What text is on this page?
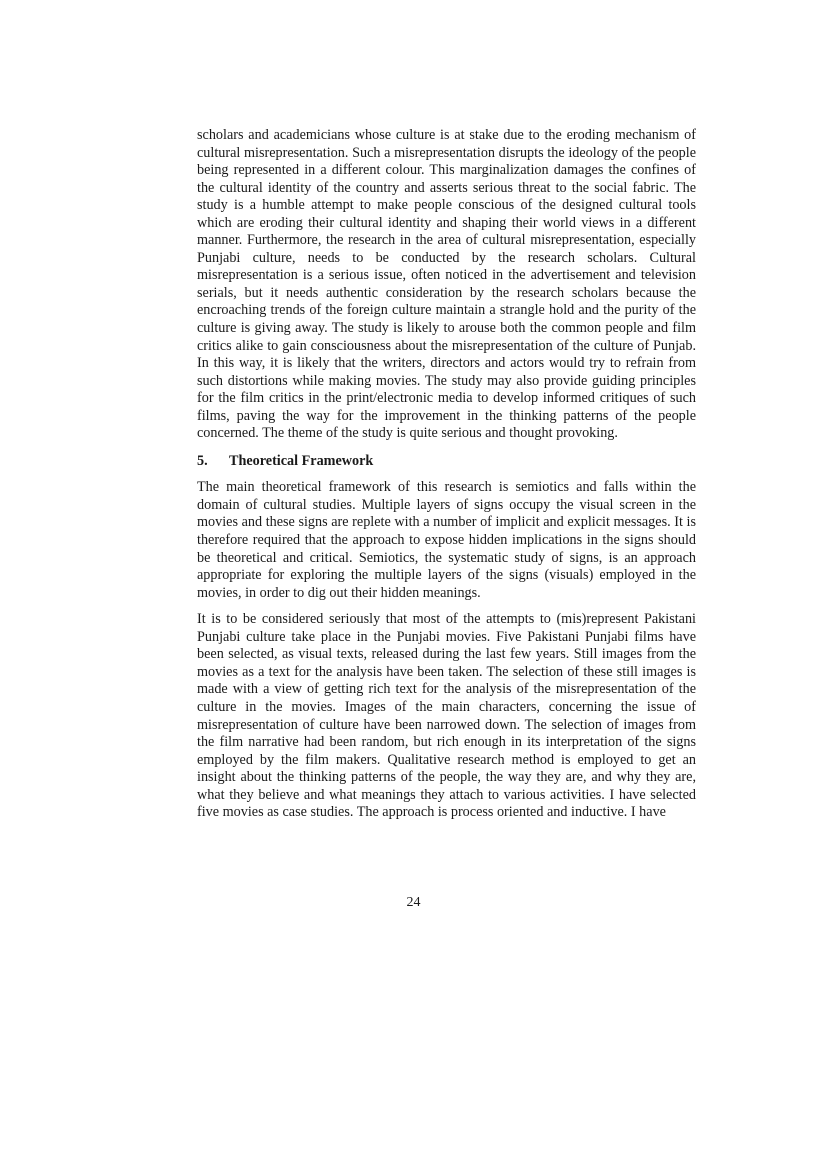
scholars and academicians whose culture is at stake due to the eroding mechanism of cultural misrepresentation. Such a misrepresentation disrupts the ideology of the people being represented in a different colour. This marginalization damages the confines of the cultural identity of the country and asserts serious threat to the social fabric. The study is a humble attempt to make people conscious of the designed cultural tools which are eroding their cultural identity and shaping their world views in a different manner. Furthermore, the research in the area of cultural misrepresentation, especially Punjabi culture, needs to be conducted by the research scholars. Cultural misrepresentation is a serious issue, often noticed in the advertisement and television serials, but it needs authentic consideration by the research scholars because the encroaching trends of the foreign culture maintain a strangle hold and the purity of the culture is giving away. The study is likely to arouse both the common people and film critics alike to gain consciousness about the misrepresentation of the culture of Punjab. In this way, it is likely that the writers, directors and actors would try to refrain from such distortions while making movies. The study may also provide guiding principles for the film critics in the print/electronic media to develop informed critiques of such films, paving the way for the improvement in the thinking patterns of the people concerned. The theme of the study is quite serious and thought provoking.

5. Theoretical Framework

The main theoretical framework of this research is semiotics and falls within the domain of cultural studies. Multiple layers of signs occupy the visual screen in the movies and these signs are replete with a number of implicit and explicit messages. It is therefore required that the approach to expose hidden implications in the signs should be theoretical and critical. Semiotics, the systematic study of signs, is an approach appropriate for exploring the multiple layers of the signs (visuals) employed in the movies, in order to dig out their hidden meanings.

It is to be considered seriously that most of the attempts to (mis)represent Pakistani Punjabi culture take place in the Punjabi movies. Five Pakistani Punjabi films have been selected, as visual texts, released during the last few years. Still images from the movies as a text for the analysis have been taken. The selection of these still images is made with a view of getting rich text for the analysis of the misrepresentation of the culture in the movies. Images of the main characters, concerning the issue of misrepresentation of culture have been narrowed down. The selection of images from the film narrative had been random, but rich enough in its interpretation of the signs employed by the film makers. Qualitative research method is employed to get an insight about the thinking patterns of the people, the way they are, and why they are, what they believe and what meanings they attach to various activities. I have selected five movies as case studies. The approach is process oriented and inductive. I have

24
